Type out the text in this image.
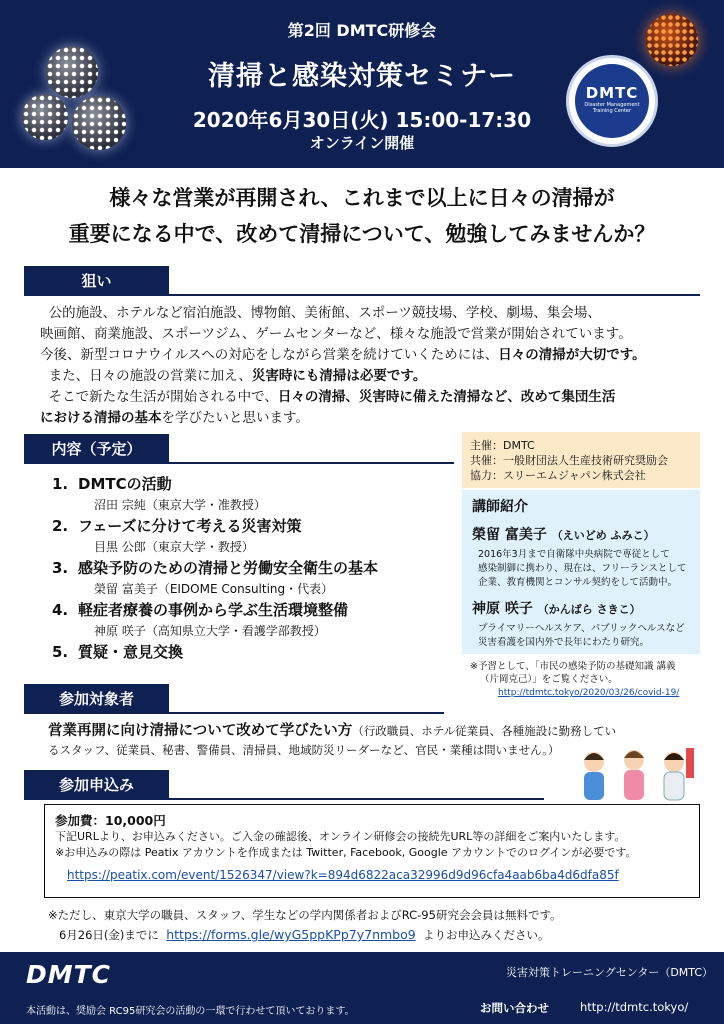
第2回 DMTC研修会
清掃と感染対策セミナー
2020年6月30日(火) 15:00-17:30
オンライン開催
DMTC
Disaster Management Training Center
様々な営業が再開され、これまで以上に日々の清掃が
重要になる中で、改めて清掃について、勉強してみませんか？
狙い
公的施設、ホテルなど宿泊施設、博物館、美術館、スポーツ競技場、学校、劇場、集会場、
映画館、商業施設、スポーツジム、ゲームセンターなど、様々な施設で営業が開始されています。
今後、新型コロナウイルスへの対応をしながら営業を続けていくためには、日々の清掃が大切です。
また、日々の施設の営業に加え、災害時にも清掃は必要です。
そこで新たな生活が開始される中で、日々の清掃、災害時に備えた清掃など、改めて集団生活
における清掃の基本を学びたいと思います。
内容（予定）
1. DMTCの活動
沼田 宗純（東京大学・准教授）
2. フェーズに分けて考える災害対策
目黒 公郎（東京大学・教授）
3. 感染予防のための清掃と労働安全衛生の基本
榮留 富美子（EIDOME Consulting・代表）
4. 軽症者療養の事例から学ぶ生活環境整備
神原 咲子（高知県立大学・看護学部教授）
5. 質疑・意見交換
主催：DMTC
共催：一般財団法人生産技術研究奨励会
協力：スリーエムジャパン株式会社
講師紹介
榮留 富美子 （えいどめ ふみこ）
2016年3月まで自衛隊中央病院で専従として
感染制御に携わり、現在は、フリーランスとして
企業、教育機関とコンサル契約をして活動中。
神原 咲子 （かんばら さきこ）
プライマリーヘルスケア、パブリックヘルスなど
災害看護を国内外で長年にわたり研究。
※予習として、「市民の感染予防の基礎知識 講義
（片岡克己）」をご覧ください。
http://tdmtc.tokyo/2020/03/26/covid-19/
参加対象者
営業再開に向け清掃について改めて学びたい方（行政職員、ホテル従業員、各種施設に勤務してい
るスタッフ、従業員、秘書、警備員、清掃員、地域防災リーダーなど、官民・業種は問いません。）
参加申込み
参加費：10,000円
下記URLより、お申込みください。ご入金の確認後、オンライン研修会の接続先URL等の詳細をご案内いたします。
※お申込みの際は Peatix アカウントを作成または Twitter, Facebook, Google アカウントでのログインが必要です。
https://peatix.com/event/1526347/view?k=894d6822aca32996d9d96cfa4aab6ba4d6dfa85f
※ただし、東京大学の職員、スタッフ、学生などの学内関係者およびRC-95研究会会員は無料です。
6月26日(金)までに https://forms.gle/wyG5ppKPp7y7nmbo9 よりお申込みください。
DMTC
本活動は、奨励会 RC95研究会の活動の一環で行わせて頂いております。
災害対策トレーニングセンター（DMTC）
お問い合わせ	http://tdmtc.tokyo/
